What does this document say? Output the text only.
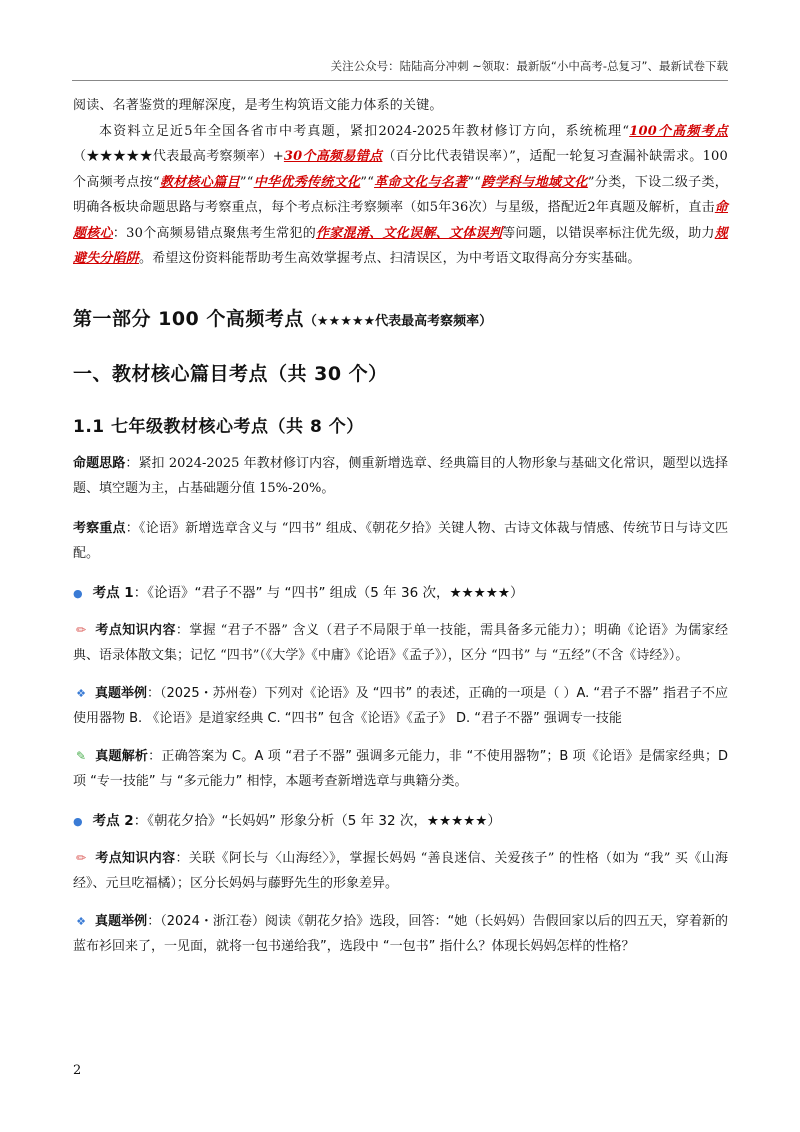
关注公众号：陆陆高分冲刺 ~领取：最新版“小中高考-总复习”、最新试卷下载

阅读、名著鉴赏的理解深度，是考生构筑语文能力体系的关键。

本资料立足近5年全国各省市中考真题，紧扣2024-2025年教材修订方向，系统梳理“100个高频考点（★★★★★代表最高考察频率）+30个高频易错点（百分比代表错误率）”，适配一轮复习查漏补缺需求。100个高频考点按“教材核心篇目”“中华优秀传统文化”“革命文化与名著”“跨学科与地域文化”分类，下设二级子类，明确各板块命题思路与考察重点，每个考点标注考察频率（如5年36次）与星级，搭配近2年真题及解析，直击命题核心：30个高频易错点聚焦考生常犯的作家混淆、文化误解、文体误判等问题，以错误率标注优先级，助力规避失分陷阱。希望这份资料能帮助考生高效掌握考点、扫清误区，为中考语文取得高分夯实基础。

第一部分 100 个高频考点（★★★★★代表最高考察频率）
一、教材核心篇目考点（共 30 个）
1.1 七年级教材核心考点（共 8 个）

命题思路：紧扣 2024-2025 年教材修订内容，侧重新增选章、经典篇目的人物形象与基础文化常识，题型以选择题、填空题为主，占基础题分值 15%-20%。

考察重点：《论语》新增选章含义与 “四书” 组成、《朝花夕拾》关键人物、古诗文体裁与情感、传统节日与诗文匹配。

● 考点 1：《论语》“君子不器” 与 “四书” 组成（5 年 36 次，★★★★★）

✏ 考点知识内容：掌握 “君子不器” 含义（君子不局限于单一技能，需具备多元能力）；明确《论语》为儒家经典、语录体散文集；记忆 “四书”（《大学》《中庸》《论语》《孟子》），区分 “四书” 与 “五经”（不含《诗经》）。

❖ 真题举例：（2025・苏州卷）下列对《论语》及 “四书” 的表述，正确的一项是（ ）A. “君子不器” 指君子不应使用器物 B. 《论语》是道家经典 C. “四书” 包含《论语》《孟子》 D. “君子不器” 强调专一技能

✎ 真题解析：正确答案为 C。A 项 “君子不器” 强调多元能力，非 “不使用器物”；B 项《论语》是儒家经典；D 项 “专一技能” 与 “多元能力” 相悖，本题考查新增选章与典籍分类。

● 考点 2：《朝花夕拾》“长妈妈” 形象分析（5 年 32 次，★★★★★）

✏ 考点知识内容：关联《阿长与〈山海经〉》，掌握长妈妈 “善良迷信、关爱孩子” 的性格（如为 “我” 买《山海经》、元旦吃福橘）；区分长妈妈与藤野先生的形象差异。

❖ 真题举例：（2024・浙江卷）阅读《朝花夕拾》选段，回答：“她（长妈妈）告假回家以后的四五天，穿着新的蓝布衫回来了，一见面，就将一包书递给我”，选段中 “一包书” 指什么？体现长妈妈怎样的性格？

2
